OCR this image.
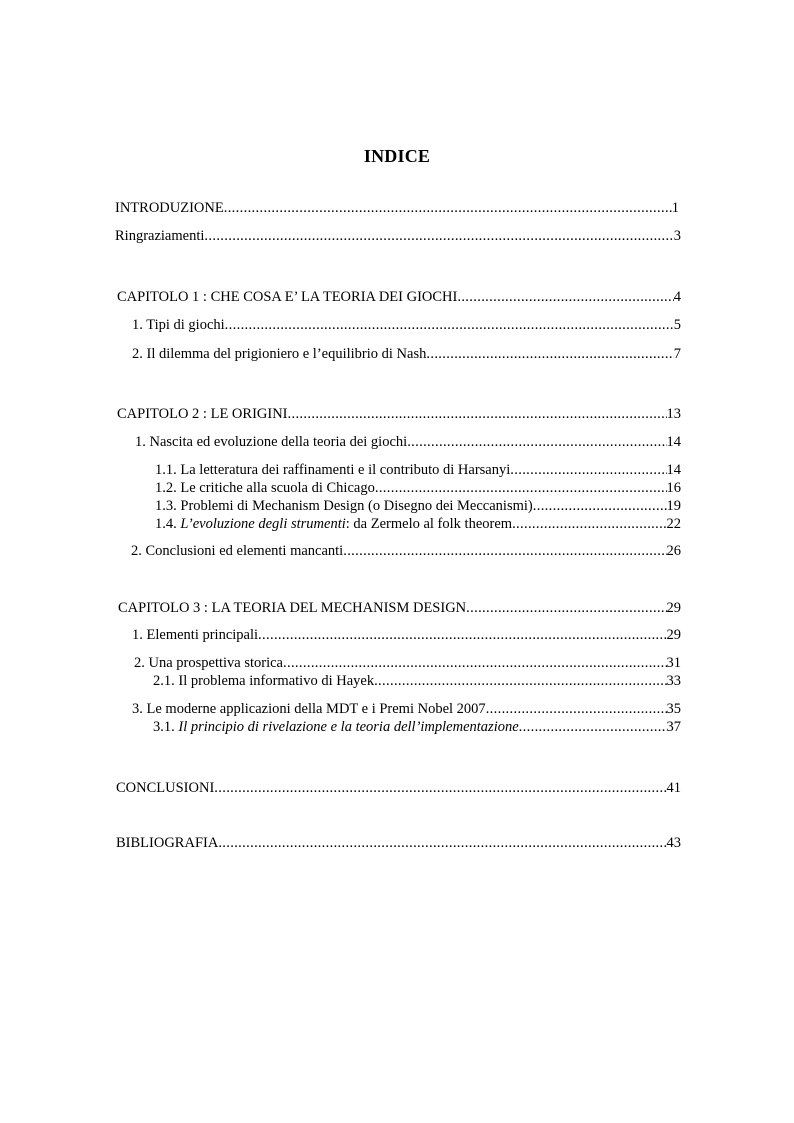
INDICE
INTRODUZIONE .....	1
Ringraziamenti .....	3
CAPITOLO 1 : CHE COSA E’ LA TEORIA DEI GIOCHI .....	4
1. Tipi di giochi .....	5
2. Il dilemma del prigioniero e l’equilibrio di Nash .....	7
CAPITOLO 2 : LE ORIGINI .....	13
1. Nascita ed evoluzione della teoria dei giochi .....	14
1.1. La letteratura dei raffinamenti e il contributo di Harsanyi .....	14
1.2. Le critiche alla scuola di Chicago .....	16
1.3. Problemi di Mechanism Design (o Disegno dei Meccanismi) .....	19
1.4. L’evoluzione degli strumenti: da Zermelo al folk theorem .....	22
2. Conclusioni ed elementi mancanti .....	26
CAPITOLO 3 : LA TEORIA DEL MECHANISM DESIGN .....	29
1. Elementi principali .....	29
2. Una prospettiva storica .....	31
2.1. Il problema informativo di Hayek .....	33
3. Le moderne applicazioni della MDT e i Premi Nobel 2007 .....	35
3.1. Il principio di rivelazione e la teoria dell’implementazione .....	37
CONCLUSIONI .....	41
BIBLIOGRAFIA .....	43
